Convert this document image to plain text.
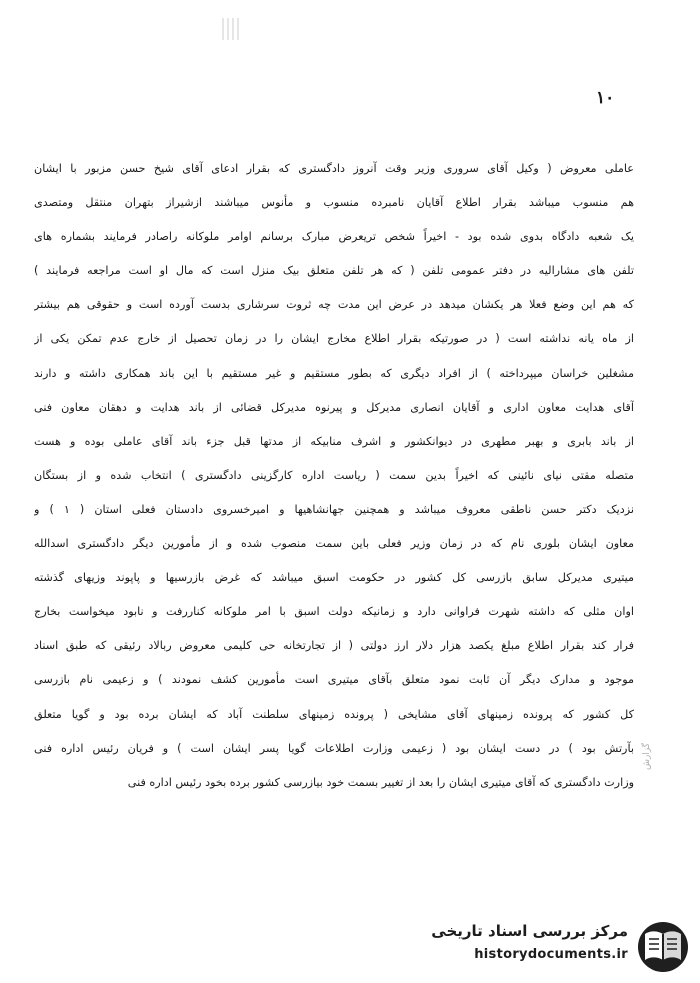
١٠
عاملی معروض ( وکیل آقای سروری وزیر وقت آنروز دادگستری که بقرار ادعای آقای شیخ حسن مزبور با ایشان
هم منسوب میباشد بقرار اطلاع آقایان نامبرده منسوب و مأنوس میباشند ازشیراز بتهران منتقل ومتصدی
یک شعبه دادگاه بدوی شده بود - اخیراً شخص تریعرض مبارک برسانم اوامر ملوکانه راصادر فرمایند بشماره های
تلفن های مشارالیه در دفتر عمومی تلفن ( که هر تلفن متعلق بیک منزل است که مال او است مراجعه فرمایند )
که هم این وضع فعلا هر یکشان میدهد در عرض این مدت چه ثروت سرشاری بدست آورده است و حقوقی هم بیشتر
از ماه یانه نداشته است ( در صورتیکه بقرار اطلاع مخارج ایشان را در زمان تحصیل از خارج عدم تمکن یکی از
مشغلین خراسان میپرداخته ) از افراد دیگری که بطور مستقیم و غیر مستقیم با این باند همکاری داشته و دارند
آقای هدایت معاون اداری و آقایان انصاری مدیرکل و پیرنوه مدیرکل قضائی از باند هدایت و دهقان معاون فنی
از باند بابری و بهبر مطهری در دیوانکشور و اشرف منابیکه از مدتها قبل جزء باند آقای عاملی بوده و هست
متصله مقتی نیای نائینی که اخیراً بدین سمت ( ریاست اداره کارگزینی دادگستری ) انتخاب شده و از بستگان
نزدیک دکتر حسن ناطقی معروف میباشد و همچنین جهانشاهیها و امیرخسروی دادستان فعلی استان ( ۱ ) و
معاون ایشان بلوری نام که در زمان وزیر فعلی باین سمت منصوب شده و از مأمورین دیگر دادگستری اسدالله
میتیری مدیرکل سابق بازرسی کل کشور در حکومت اسبق میباشد که غرض بازرسیها و پاپوند وزیهای گذشته
اوان مثلی که داشته شهرت فراوانی دارد و زمانیکه دولت اسبق با امر ملوکانه کناررفت و نابود میخواست بخارج
فرار کند بقرار اطلاع مبلغ یکصد هزار دلار ارز دولتی ( از تجارتخانه حی کلیمی معروض ربالاد رئیقی که طبق اسناد
موجود و مدارک دیگر آن ثابت نمود متعلق بآقای میتیری است مأمورین کشف نمودند ) و زعیمی نام بازرسی
کل کشور که پرونده زمینهای آقای مشایخی ( پرونده زمینهای سلطنت آباد که ایشان برده بود و گویا متعلق
بآرتش بود ) در دست ایشان بود ( زعیمی وزارت اطلاعات گویا پسر ایشان است ) و فریان رئیس اداره فنی
وزارت دادگستری که آقای میتیری ایشان را بعد از تغییر بسمت خود بیازرسی کشور برده بخود رئیس اداره فنی
گزارش
مرکز بررسی اسناد تاریخی
historydocuments.ir
